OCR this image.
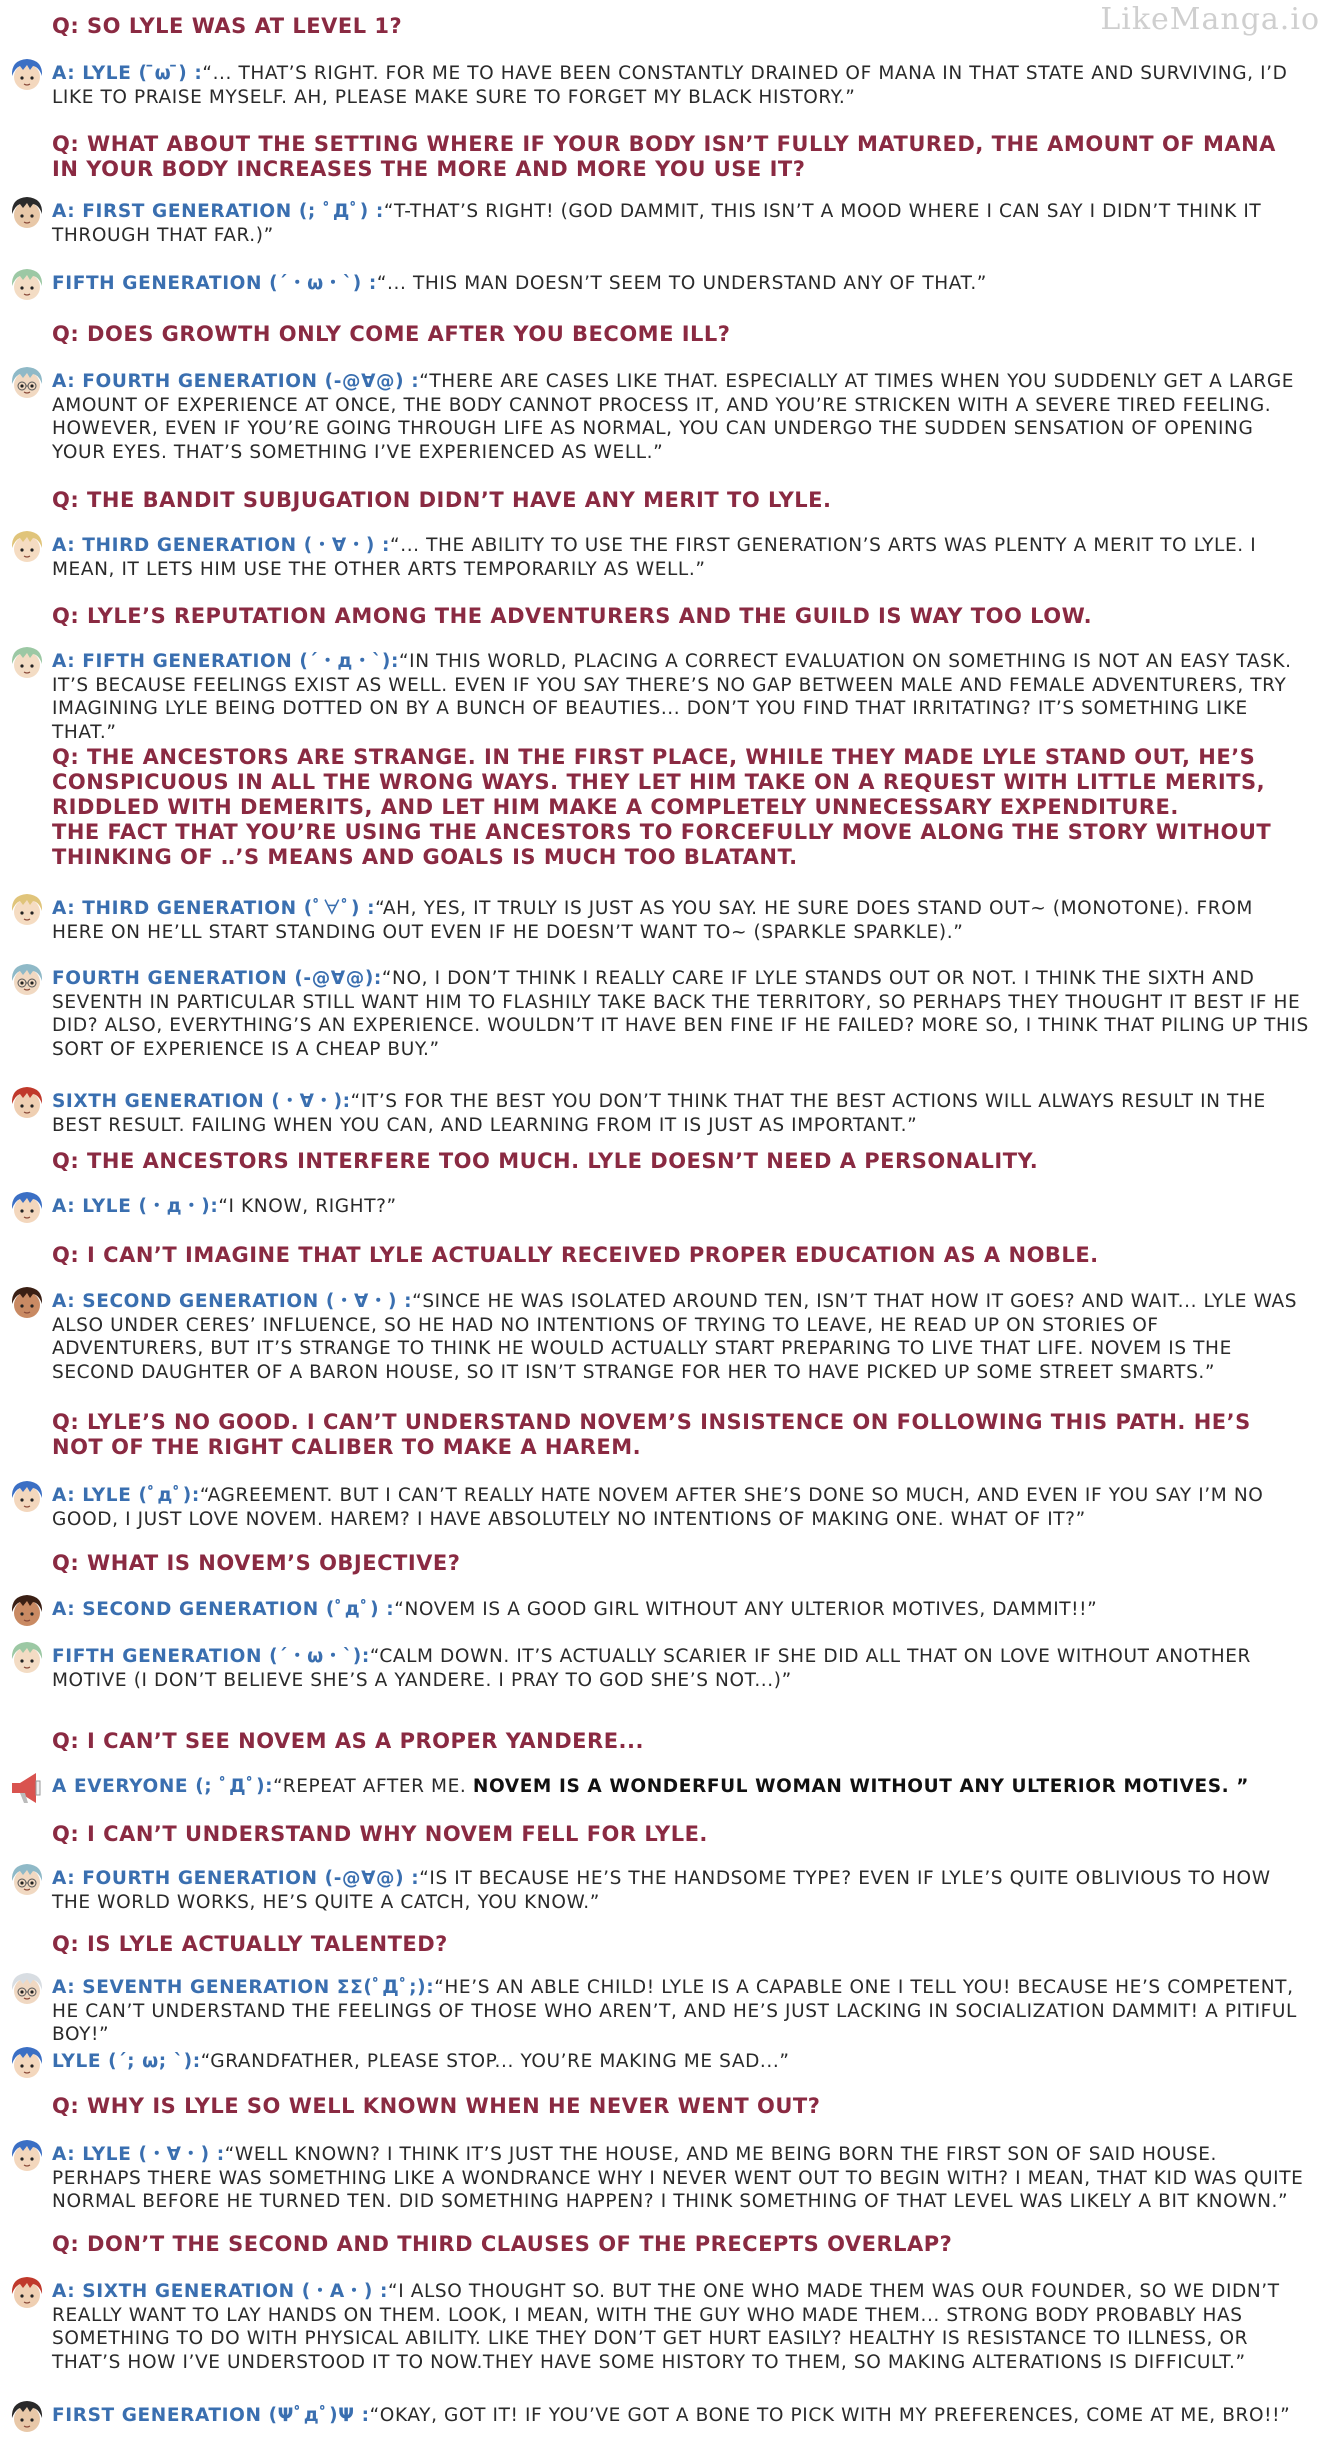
LikeManga.io
Q: SO LYLE WAS AT LEVEL 1?
A: LYLE ( ̄ω ̄) :“... THAT’S RIGHT. FOR ME TO HAVE BEEN CONSTANTLY DRAINED OF MANA IN THAT STATE AND SURVIVING, I’D LIKE TO PRAISE MYSELF. AH, PLEASE MAKE SURE TO FORGET MY BLACK HISTORY.”
Q: WHAT ABOUT THE SETTING WHERE IF YOUR BODY ISN’T FULLY MATURED, THE AMOUNT OF MANA IN YOUR BODY INCREASES THE MORE AND MORE YOU USE IT?
A: FIRST GENERATION (; ﾟДﾟ) :“T-THAT’S RIGHT! (GOD DAMMIT, THIS ISN’T A MOOD WHERE I CAN SAY I DIDN’T THINK IT THROUGH THAT FAR.)”
FIFTH GENERATION (´・ω・`) :“... THIS MAN DOESN’T SEEM TO UNDERSTAND ANY OF THAT.”
Q: DOES GROWTH ONLY COME AFTER YOU BECOME ILL?
A: FOURTH GENERATION (-@∀@) :“THERE ARE CASES LIKE THAT. ESPECIALLY AT TIMES WHEN YOU SUDDENLY GET A LARGE AMOUNT OF EXPERIENCE AT ONCE, THE BODY CANNOT PROCESS IT, AND YOU’RE STRICKEN WITH A SEVERE TIRED FEELING. HOWEVER, EVEN IF YOU’RE GOING THROUGH LIFE AS NORMAL, YOU CAN UNDERGO THE SUDDEN SENSATION OF OPENING YOUR EYES. THAT’S SOMETHING I’VE EXPERIENCED AS WELL.”
Q: THE BANDIT SUBJUGATION DIDN’T HAVE ANY MERIT TO LYLE.
A: THIRD GENERATION (・∀・) :“... THE ABILITY TO USE THE FIRST GENERATION’S ARTS WAS PLENTY A MERIT TO LYLE. I MEAN, IT LETS HIM USE THE OTHER ARTS TEMPORARILY AS WELL.”
Q: LYLE’S REPUTATION AMONG THE ADVENTURERS AND THE GUILD IS WAY TOO LOW.
A: FIFTH GENERATION (´・д・`):“IN THIS WORLD, PLACING A CORRECT EVALUATION ON SOMETHING IS NOT AN EASY TASK. IT’S BECAUSE FEELINGS EXIST AS WELL. EVEN IF YOU SAY THERE’S NO GAP BETWEEN MALE AND FEMALE ADVENTURERS, TRY IMAGINING LYLE BEING DOTTED ON BY A BUNCH OF BEAUTIES... DON’T YOU FIND THAT IRRITATING? IT’S SOMETHING LIKE THAT.”
Q: THE ANCESTORS ARE STRANGE. IN THE FIRST PLACE, WHILE THEY MADE LYLE STAND OUT, HE’S CONSPICUOUS IN ALL THE WRONG WAYS. THEY LET HIM TAKE ON A REQUEST WITH LITTLE MERITS, RIDDLED WITH DEMERITS, AND LET HIM MAKE A COMPLETELY UNNECESSARY EXPENDITURE.
THE FACT THAT YOU’RE USING THE ANCESTORS TO FORCEFULLY MOVE ALONG THE STORY WITHOUT THINKING OF ‥’S MEANS AND GOALS IS MUCH TOO BLATANT.
A: THIRD GENERATION (ﾟ∀ﾟ) :“AH, YES, IT TRULY IS JUST AS YOU SAY. HE SURE DOES STAND OUT~ (MONOTONE). FROM HERE ON HE’LL START STANDING OUT EVEN IF HE DOESN’T WANT TO~ (SPARKLE SPARKLE).”
FOURTH GENERATION (-@∀@):“NO, I DON’T THINK I REALLY CARE IF LYLE STANDS OUT OR NOT. I THINK THE SIXTH AND SEVENTH IN PARTICULAR STILL WANT HIM TO FLASHILY TAKE BACK THE TERRITORY, SO PERHAPS THEY THOUGHT IT BEST IF HE DID? ALSO, EVERYTHING’S AN EXPERIENCE. WOULDN’T IT HAVE BEN FINE IF HE FAILED? MORE SO, I THINK THAT PILING UP THIS SORT OF EXPERIENCE IS A CHEAP BUY.”
SIXTH GENERATION (・∀・):“IT’S FOR THE BEST YOU DON’T THINK THAT THE BEST ACTIONS WILL ALWAYS RESULT IN THE BEST RESULT. FAILING WHEN YOU CAN, AND LEARNING FROM IT IS JUST AS IMPORTANT.”
Q: THE ANCESTORS INTERFERE TOO MUCH. LYLE DOESN’T NEED A PERSONALITY.
A: LYLE (・д・):“I KNOW, RIGHT?”
Q: I CAN’T IMAGINE THAT LYLE ACTUALLY RECEIVED PROPER EDUCATION AS A NOBLE.
A: SECOND GENERATION (・∀・) :“SINCE HE WAS ISOLATED AROUND TEN, ISN’T THAT HOW IT GOES? AND WAIT... LYLE WAS ALSO UNDER CERES’ INFLUENCE, SO HE HAD NO INTENTIONS OF TRYING TO LEAVE, HE READ UP ON STORIES OF ADVENTURERS, BUT IT’S STRANGE TO THINK HE WOULD ACTUALLY START PREPARING TO LIVE THAT LIFE. NOVEM IS THE SECOND DAUGHTER OF A BARON HOUSE, SO IT ISN’T STRANGE FOR HER TO HAVE PICKED UP SOME STREET SMARTS.”
Q: LYLE’S NO GOOD. I CAN’T UNDERSTAND NOVEM’S INSISTENCE ON FOLLOWING THIS PATH. HE’S NOT OF THE RIGHT CALIBER TO MAKE A HAREM.
A: LYLE (ﾟдﾟ):“AGREEMENT. BUT I CAN’T REALLY HATE NOVEM AFTER SHE’S DONE SO MUCH, AND EVEN IF YOU SAY I’M NO GOOD, I JUST LOVE NOVEM. HAREM? I HAVE ABSOLUTELY NO INTENTIONS OF MAKING ONE. WHAT OF IT?”
Q: WHAT IS NOVEM’S OBJECTIVE?
A: SECOND GENERATION (ﾟдﾟ) :“NOVEM IS A GOOD GIRL WITHOUT ANY ULTERIOR MOTIVES, DAMMIT!!”
FIFTH GENERATION (´・ω・`):“CALM DOWN. IT’S ACTUALLY SCARIER IF SHE DID ALL THAT ON LOVE WITHOUT ANOTHER MOTIVE (I DON’T BELIEVE SHE’S A YANDERE. I PRAY TO GOD SHE’S NOT...)”
Q: I CAN’T SEE NOVEM AS A PROPER YANDERE...
A EVERYONE (; ﾟДﾟ):“REPEAT AFTER ME. NOVEM IS A WONDERFUL WOMAN WITHOUT ANY ULTERIOR MOTIVES. ”
Q: I CAN’T UNDERSTAND WHY NOVEM FELL FOR LYLE.
A: FOURTH GENERATION (-@∀@) :“IS IT BECAUSE HE’S THE HANDSOME TYPE? EVEN IF LYLE’S QUITE OBLIVIOUS TO HOW THE WORLD WORKS, HE’S QUITE A CATCH, YOU KNOW.”
Q: IS LYLE ACTUALLY TALENTED?
A: SEVENTH GENERATION ΣΣ(ﾟДﾟ;):“HE’S AN ABLE CHILD! LYLE IS A CAPABLE ONE I TELL YOU! BECAUSE HE’S COMPETENT, HE CAN’T UNDERSTAND THE FEELINGS OF THOSE WHO AREN’T, AND HE’S JUST LACKING IN SOCIALIZATION DAMMIT! A PITIFUL BOY!”
LYLE (´; ω; `):“GRANDFATHER, PLEASE STOP... YOU’RE MAKING ME SAD...”
Q: WHY IS LYLE SO WELL KNOWN WHEN HE NEVER WENT OUT?
A: LYLE (・∀・) :“WELL KNOWN? I THINK IT’S JUST THE HOUSE, AND ME BEING BORN THE FIRST SON OF SAID HOUSE. PERHAPS THERE WAS SOMETHING LIKE A WONDRANCE WHY I NEVER WENT OUT TO BEGIN WITH? I MEAN, THAT KID WAS QUITE NORMAL BEFORE HE TURNED TEN. DID SOMETHING HAPPEN? I THINK SOMETHING OF THAT LEVEL WAS LIKELY A BIT KNOWN.”
Q: DON’T THE SECOND AND THIRD CLAUSES OF THE PRECEPTS OVERLAP?
A: SIXTH GENERATION (・A・) :“I ALSO THOUGHT SO. BUT THE ONE WHO MADE THEM WAS OUR FOUNDER, SO WE DIDN’T REALLY WANT TO LAY HANDS ON THEM. LOOK, I MEAN, WITH THE GUY WHO MADE THEM... STRONG BODY PROBABLY HAS SOMETHING TO DO WITH PHYSICAL ABILITY. LIKE THEY DON’T GET HURT EASILY? HEALTHY IS RESISTANCE TO ILLNESS, OR THAT’S HOW I’VE UNDERSTOOD IT TO NOW.THEY HAVE SOME HISTORY TO THEM, SO MAKING ALTERATIONS IS DIFFICULT.”
FIRST GENERATION (Ψﾟдﾟ)Ψ :“OKAY, GOT IT! IF YOU’VE GOT A BONE TO PICK WITH MY PREFERENCES, COME AT ME, BRO!!”
